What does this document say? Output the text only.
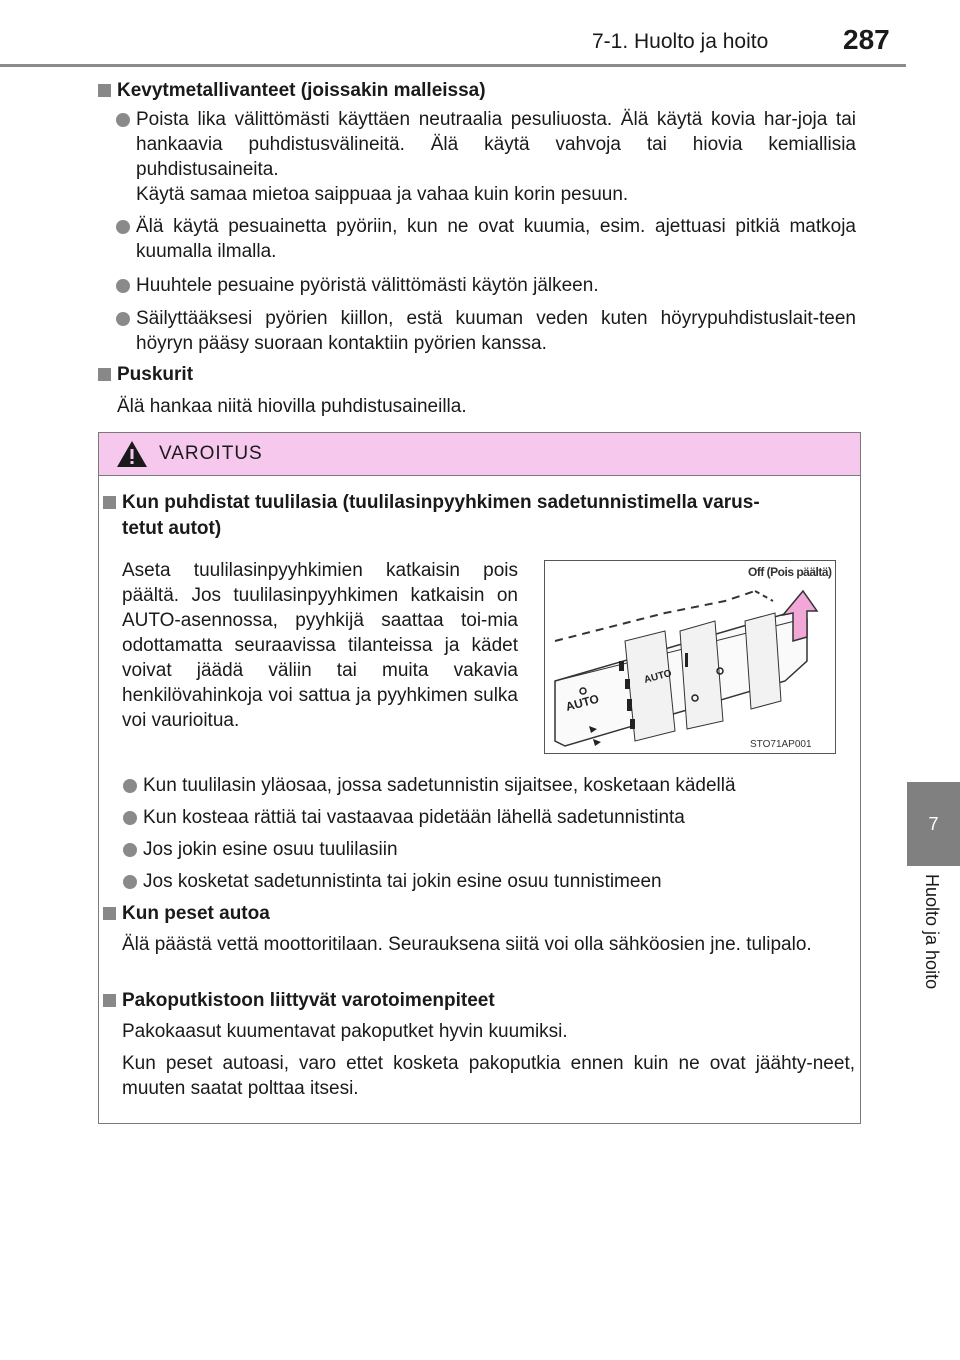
7-1. Huolto ja hoito	287
7
Huolto ja hoito
Kevytmetallivanteet (joissakin malleissa)
Poista lika välittömästi käyttäen neutraalia pesuliuosta. Älä käytä kovia har-joja tai hankaavia puhdistusvälineitä. Älä käytä vahvoja tai hiovia kemiallisia puhdistusaineita.
Käytä samaa mietoa saippuaa ja vahaa kuin korin pesuun.
Älä käytä pesuainetta pyöriin, kun ne ovat kuumia, esim. ajettuasi pitkiä matkoja kuumalla ilmalla.
Huuhtele pesuaine pyöristä välittömästi käytön jälkeen.
Säilyttääksesi pyörien kiillon, estä kuuman veden kuten höyrypuhdistuslait-teen höyryn pääsy suoraan kontaktiin pyörien kanssa.
Puskurit
Älä hankaa niitä hiovilla puhdistusaineilla.
VAROITUS
Kun puhdistat tuulilasia (tuulilasinpyyhkimen sadetunnistimella varus-
tetut autot)
Aseta tuulilasinpyyhkimien katkaisin pois päältä. Jos tuulilasinpyyhkimen katkaisin on AUTO-asennossa, pyyhkijä saattaa toi-mia odottamatta seuraavissa tilanteissa ja kädet voivat jäädä väliin tai muita vakavia henkilövahinkoja voi sattua ja pyyhkimen sulka voi vaurioitua.
AUTO
AUTO
Off (Pois päältä)
STO71AP001
Kun tuulilasin yläosaa, jossa sadetunnistin sijaitsee, kosketaan kädellä
Kun kosteaa rättiä tai vastaavaa pidetään lähellä sadetunnistinta
Jos jokin esine osuu tuulilasiin
Jos kosketat sadetunnistinta tai jokin esine osuu tunnistimeen
Kun peset autoa
Älä päästä vettä moottoritilaan. Seurauksena siitä voi olla sähköosien jne. tulipalo.
Pakoputkistoon liittyvät varotoimenpiteet
Pakokaasut kuumentavat pakoputket hyvin kuumiksi.
Kun peset autoasi, varo ettet kosketa pakoputkia ennen kuin ne ovat jäähty-neet, muuten saatat polttaa itsesi.
